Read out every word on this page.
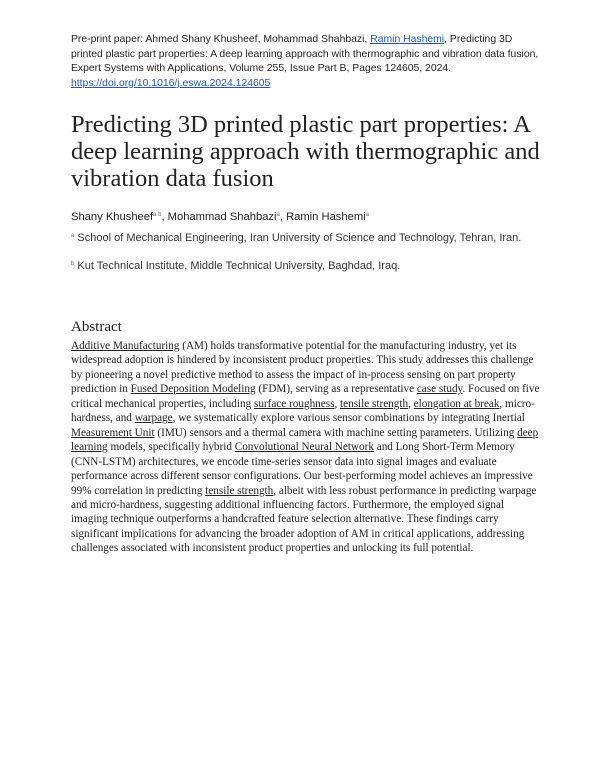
Pre-print paper: Ahmed Shany Khusheef, Mohammad Shahbazi, Ramin Hashemi, Predicting 3D printed plastic part properties: A deep learning approach with thermographic and vibration data fusion, Expert Systems with Applications, Volume 255, Issue Part B, Pages 124605, 2024.
https://doi.org/10.1016/j.eswa.2024.124605
Predicting 3D printed plastic part properties: A deep learning approach with thermographic and vibration data fusion
Shany Khusheef$^{a b}$, Mohammad Shahbazi$^a$, Ramin Hashemi$^a$
$^a$ School of Mechanical Engineering, Iran University of Science and Technology, Tehran, Iran.
$^b$ Kut Technical Institute, Middle Technical University, Baghdad, Iraq.
Abstract

Additive Manufacturing (AM) holds transformative potential for the manufacturing industry, yet its widespread adoption is hindered by inconsistent product properties. This study addresses this challenge by pioneering a novel predictive method to assess the impact of in-process sensing on part property prediction in Fused Deposition Modeling (FDM), serving as a representative case study. Focused on five critical mechanical properties, including surface roughness, tensile strength, elongation at break, micro-hardness, and warpage, we systematically explore various sensor combinations by integrating Inertial Measurement Unit (IMU) sensors and a thermal camera with machine setting parameters. Utilizing deep learning models, specifically hybrid Convolutional Neural Network and Long Short-Term Memory (CNN-LSTM) architectures, we encode time-series sensor data into signal images and evaluate performance across different sensor configurations. Our best-performing model achieves an impressive 99% correlation in predicting tensile strength, albeit with less robust performance in predicting warpage and micro-hardness, suggesting additional influencing factors. Furthermore, the employed signal imaging technique outperforms a handcrafted feature selection alternative. These findings carry significant implications for advancing the broader adoption of AM in critical applications, addressing challenges associated with inconsistent product properties and unlocking its full potential.
